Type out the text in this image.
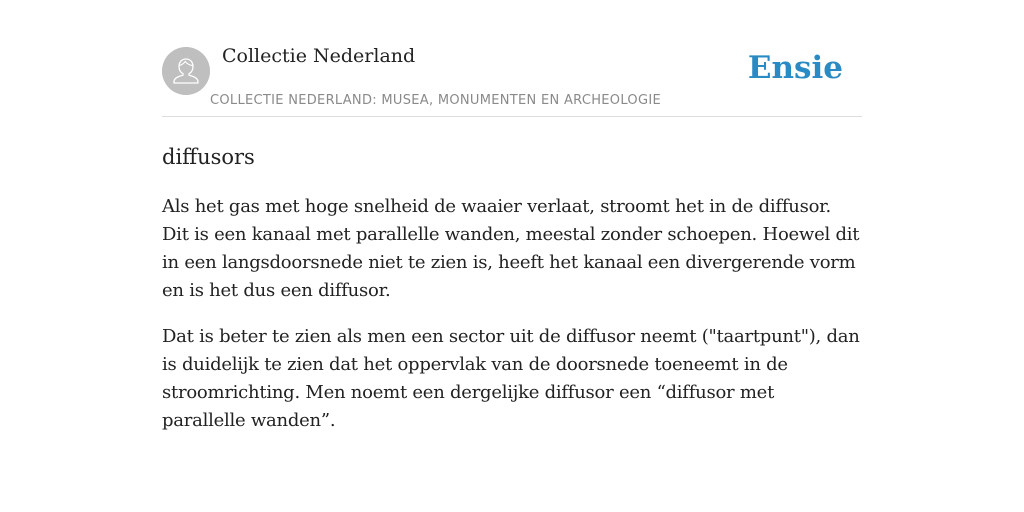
Collectie Nederland
COLLECTIE NEDERLAND: MUSEA, MONUMENTEN EN ARCHEOLOGIE
Ensie
diffusors

Als het gas met hoge snelheid de waaier verlaat, stroomt het in de diffusor. Dit is een kanaal met parallelle wanden, meestal zonder schoepen. Hoewel dit in een langsdoorsnede niet te zien is, heeft het kanaal een divergerende vorm en is het dus een diffusor.

Dat is beter te zien als men een sector uit de diffusor neemt ("taartpunt"), dan is duidelijk te zien dat het oppervlak van de doorsnede toeneemt in de stroomrichting. Men noemt een dergelijke diffusor een “diffusor met parallelle wanden”.
